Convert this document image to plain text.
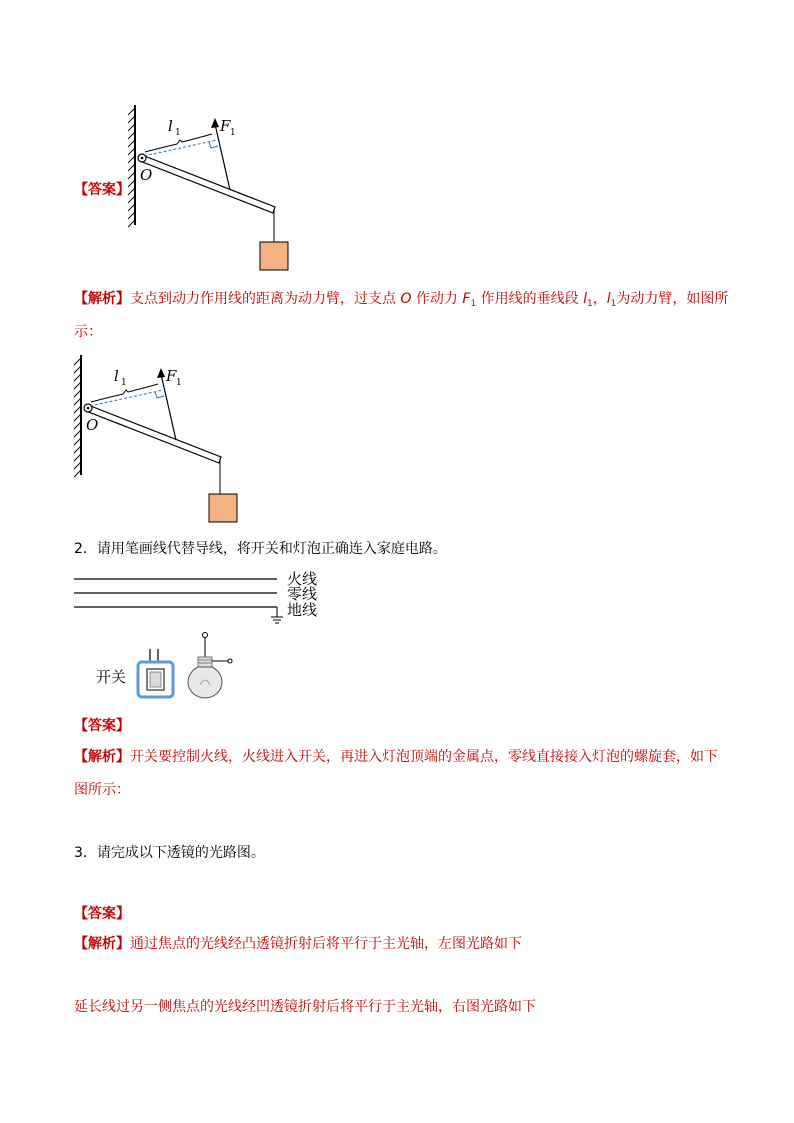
l 1	F 1
O
【答案】
【解析】支点到动力作用线的距离为动力臂，过支点 O 作动力 $F_1$ 作用线的垂线段 $l_1$，$l_1$为动力臂，如图所
示：
l 1	F 1
O
2．请用笔画线代替导线，将开关和灯泡正确连入家庭电路。
火线
零线
地线
开关
【答案】
【解析】开关要控制火线，火线进入开关，再进入灯泡顶端的金属点，零线直接接入灯泡的螺旋套，如下
图所示：
3．请完成以下透镜的光路图。
【答案】
【解析】通过焦点的光线经凸透镜折射后将平行于主光轴，左图光路如下
延长线过另一侧焦点的光线经凹透镜折射后将平行于主光轴，右图光路如下
